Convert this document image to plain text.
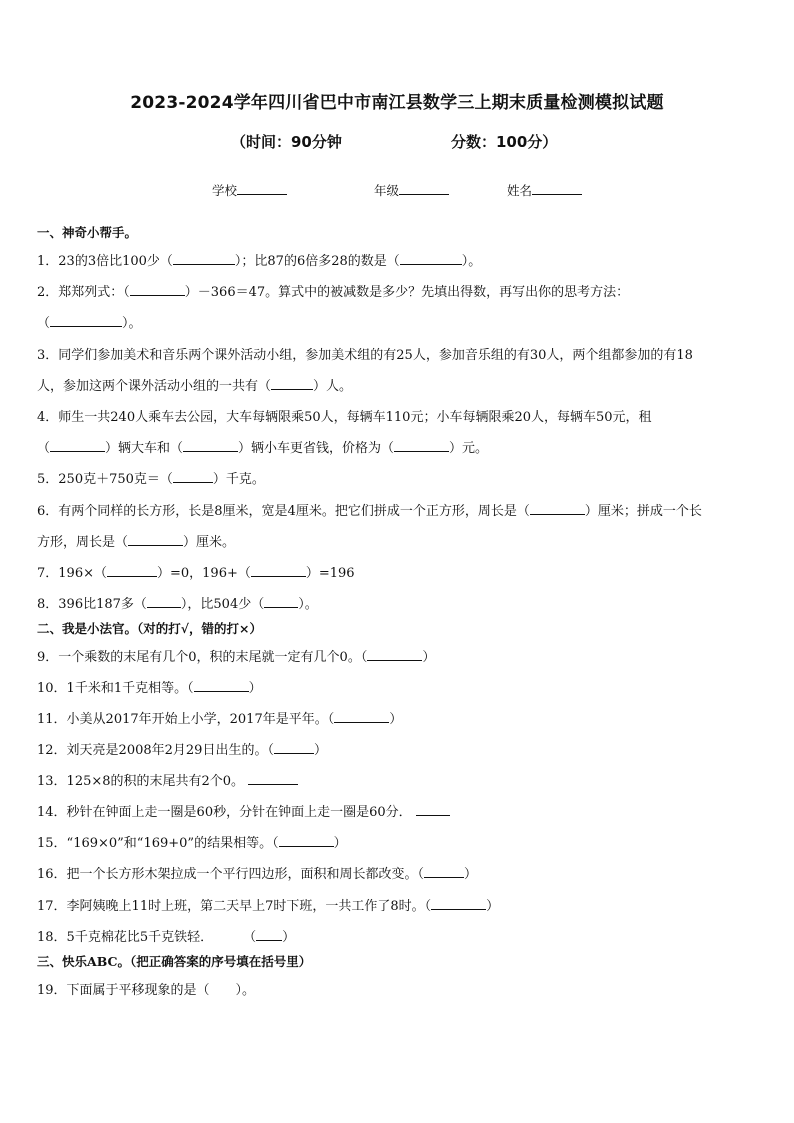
2023-2024学年四川省巴中市南江县数学三上期末质量检测模拟试题
（时间：90分钟	分数：100分）
学校	年级	姓名
一、神奇小帮手。
1．23的3倍比100少（	）；比87的6倍多28的数是（	）。
2．郑郑列式：（	）－366＝47。算式中的被减数是多少？先填出得数，再写出你的思考方法：
（	）。
3．同学们参加美术和音乐两个课外活动小组，参加美术组的有25人，参加音乐组的有30人，两个组都参加的有18
人，参加这两个课外活动小组的一共有（	）人。
4．师生一共240人乘车去公园，大车每辆限乘50人，每辆车110元；小车每辆限乘20人，每辆车50元，租
（	）辆大车和（	）辆小车更省钱，价格为（	）元。
5．250克＋750克＝（	）千克。
6．有两个同样的长方形，长是8厘米，宽是4厘米。把它们拼成一个正方形，周长是（	）厘米；拼成一个长
方形，周长是（	）厘米。
7．196×（	）=0，196+（	）=196
8．396比187多（	），比504少（	）。
二、我是小法官。（对的打√，错的打×）
9．一个乘数的末尾有几个0，积的末尾就一定有几个0。（	）
10．1千米和1千克相等。（	）
11．小美从2017年开始上小学，2017年是平年。（	）
12．刘天亮是2008年2月29日出生的。（	）
13．125×8的积的末尾共有2个0。
14．秒针在钟面上走一圈是60秒，分针在钟面上走一圈是60分．
15．“169×0”和“169+0”的结果相等。（	）
16．把一个长方形木架拉成一个平行四边形，面积和周长都改变。（	）
17．李阿姨晚上11时上班，第二天早上7时下班，一共工作了8时。（	）
18．5千克棉花比5千克铁轻． （ ）
三、快乐ABC。（把正确答案的序号填在括号里）
19．下面属于平移现象的是（　　）。
